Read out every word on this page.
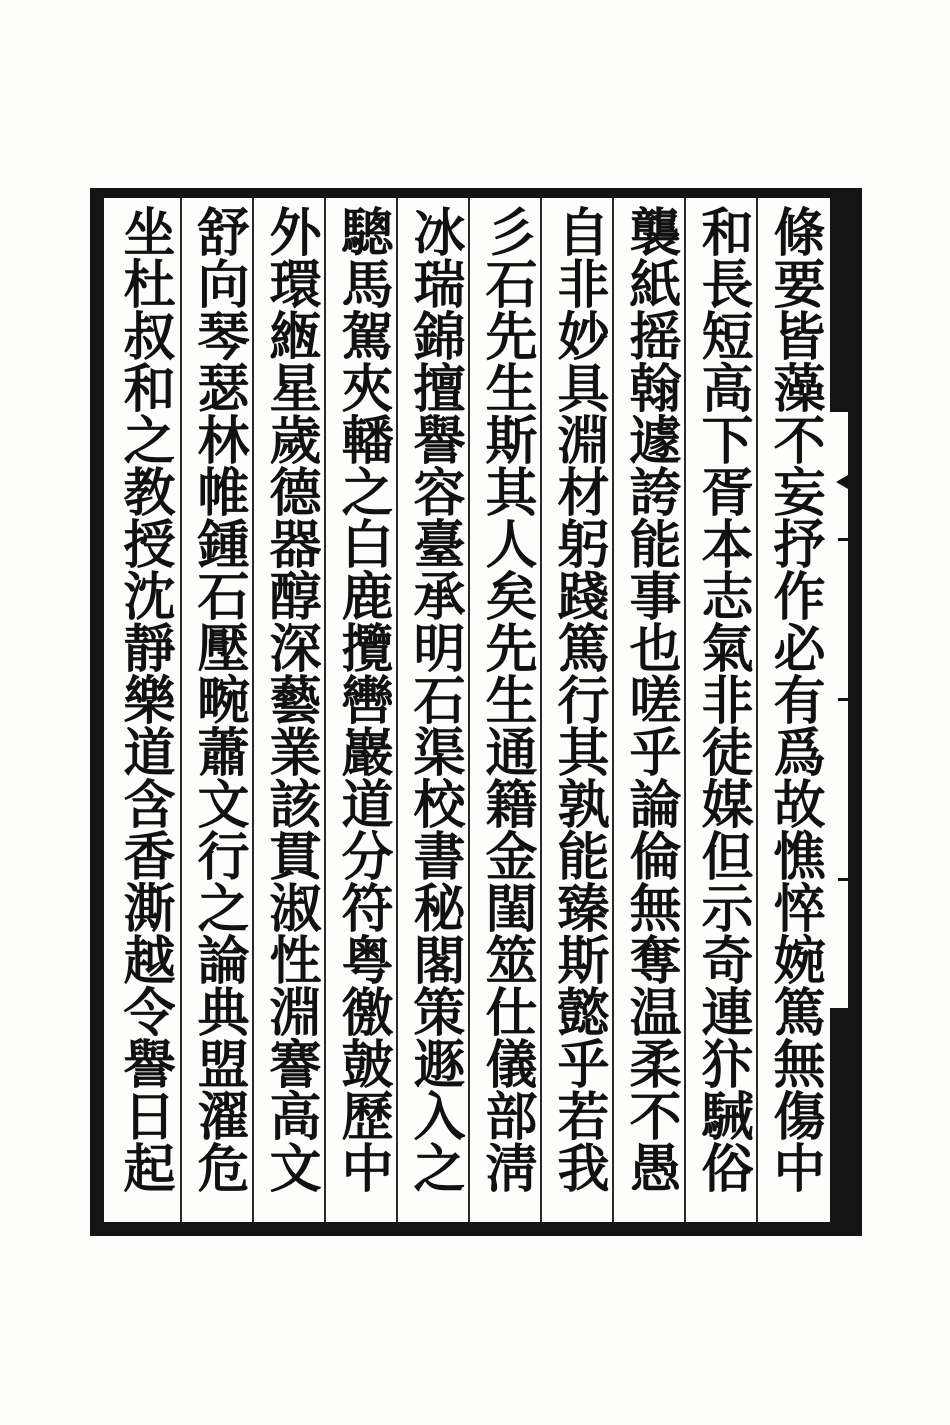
條要皆藻不妄抒作必有爲故憔悴婉篤無傷中
和長短高下胥本志氣非徒媒但示奇連犿駴俗
襲紙摇翰遽誇能事也嗟乎論倫無奪温柔不愚
自非妙具淵材躬踐篤行其孰能臻斯懿乎若我
彡石先生斯其人矣先生通籍金閨筮仕儀部淸
冰瑞錦擅譽容臺承明石渠校書秘閣策遯入之
驄馬駕夾轓之白鹿攬轡巖道分符粤徼皷歷中
外環緪星歲德器醇深藝業該貫淑性淵謇高文
舒向琴瑟林帷鍾石壓畹蕭文行之論典盟濯危
坐杜叔和之教授沈靜樂道含香澌越令譽日起
